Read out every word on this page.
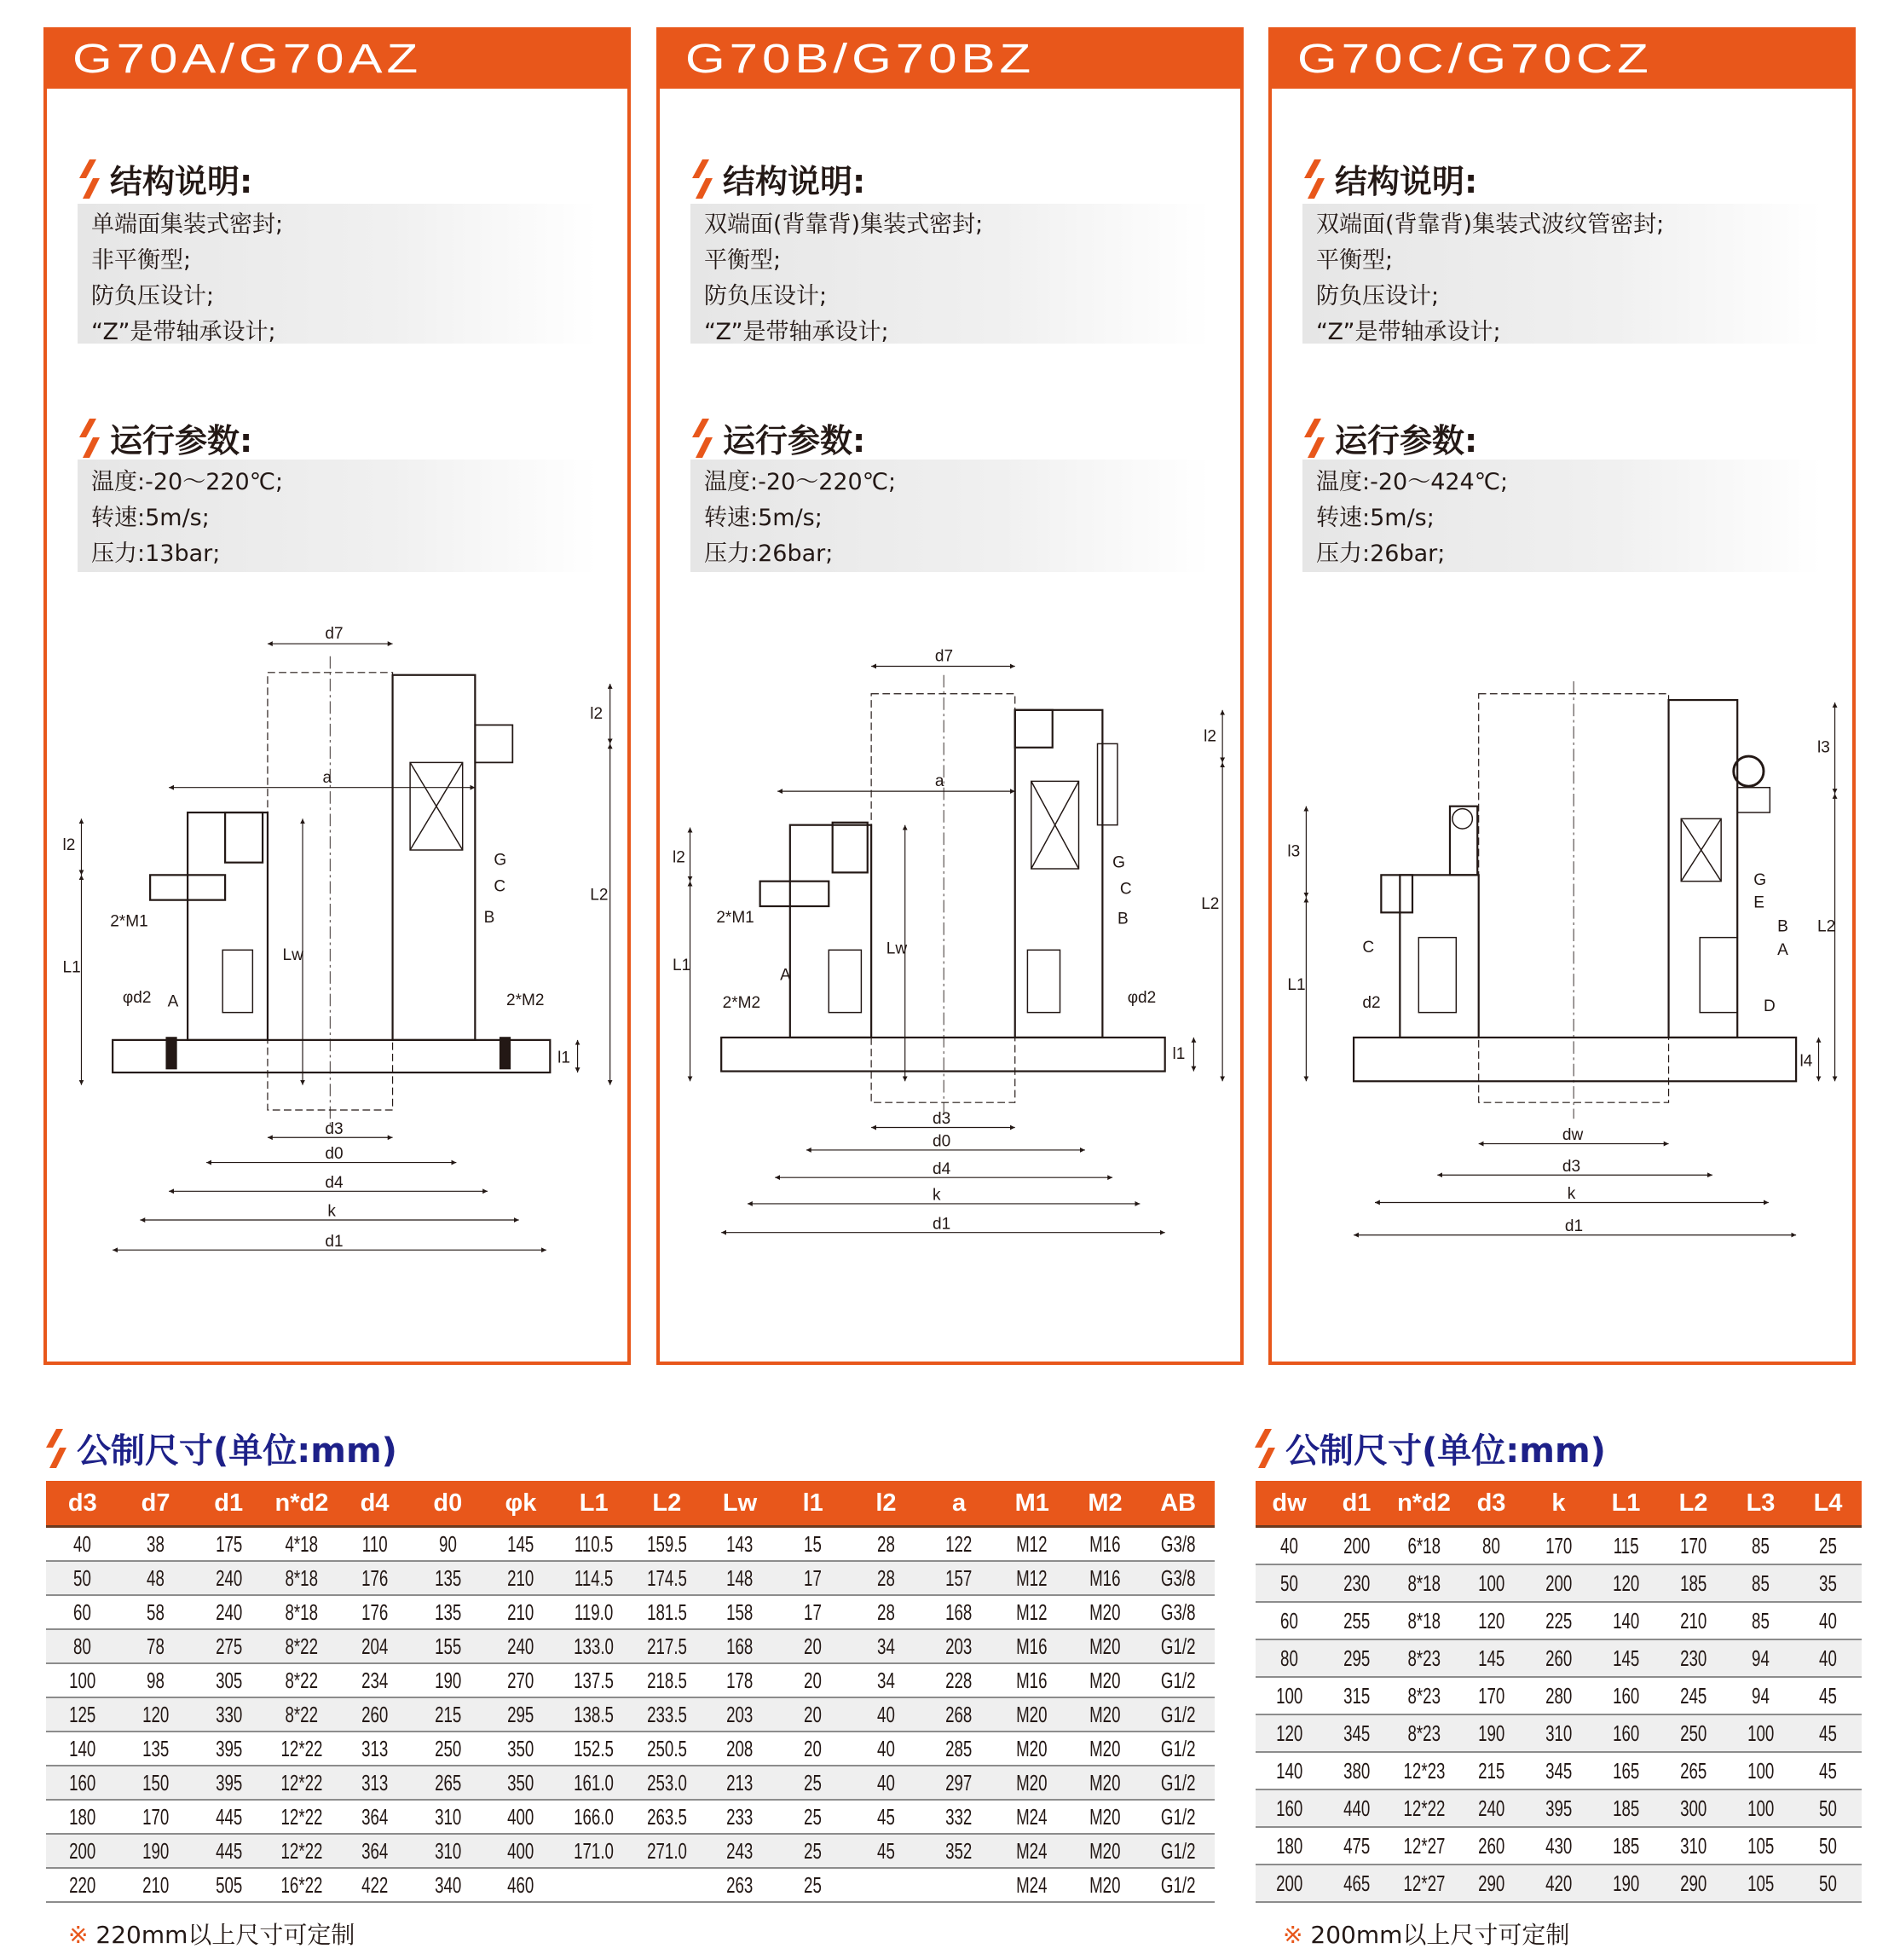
G70A/G70AZ
单端面集装式密封;
非平衡型;
防负压设计;
“Z”是带轴承设计;
结构说明:
温度:-20～220℃;
转速:5m/s;
压力:13bar;
运行参数:
G70B/G70BZ
双端面(背靠背)集装式密封;
平衡型;
防负压设计;
“Z”是带轴承设计;
结构说明:
温度:-20～220℃;
转速:5m/s;
压力:26bar;
运行参数:
G70C/G70CZ
双端面(背靠背)集装式波纹管密封;
平衡型;
防负压设计;
“Z”是带轴承设计;
结构说明:
温度:-20～424℃;
转速:5m/s;
压力:26bar;
运行参数:
d7
a
d3
d0
d4
k
d1
l2
L1
l2
L2
l1
Lw
G
C
B
2*M1
φd2 A	2*M2
d7
a
d3
d0
d4
k
d1
l2
L1
l2
L2
l1
Lw
G
C
B
2*M1
2*M2
A
φd2
dw
d3
k
d1
l3
L1
l3
L2
l4
G
E
B
A
C
d2	D
公制尺寸(单位:mm)
d3	d7	d1	n*d2	d4	d0	φk	L1	L2	Lw	l1	l2	a	M1	M2	AB
40	38	175	4*18	110	90	145	110.5	159.5	143	15	28	122	M12	M16	G3/8
50	48	240	8*18	176	135	210	114.5	174.5	148	17	28	157	M12	M16	G3/8
60	58	240	8*18	176	135	210	119.0	181.5	158	17	28	168	M12	M20	G3/8
80	78	275	8*22	204	155	240	133.0	217.5	168	20	34	203	M16	M20	G1/2
100	98	305	8*22	234	190	270	137.5	218.5	178	20	34	228	M16	M20	G1/2
125	120	330	8*22	260	215	295	138.5	233.5	203	20	40	268	M20	M20	G1/2
140	135	395	12*22	313	250	350	152.5	250.5	208	20	40	285	M20	M20	G1/2
160	150	395	12*22	313	265	350	161.0	253.0	213	25	40	297	M20	M20	G1/2
180	170	445	12*22	364	310	400	166.0	263.5	233	25	45	332	M24	M20	G1/2
200	190	445	12*22	364	310	400	171.0	271.0	243	25	45	352	M24	M20	G1/2
220	210	505	16*22	422	340	460			263	25			M24	M20	G1/2
※ 220mm以上尺寸可定制
公制尺寸(单位:mm)
dw	d1	n*d2	d3	k	L1	L2	L3	L4
40	200	6*18	80	170	115	170	85	25
50	230	8*18	100	200	120	185	85	35
60	255	8*18	120	225	140	210	85	40
80	295	8*23	145	260	145	230	94	40
100	315	8*23	170	280	160	245	94	45
120	345	8*23	190	310	160	250	100	45
140	380	12*23	215	345	165	265	100	45
160	440	12*22	240	395	185	300	100	50
180	475	12*27	260	430	185	310	105	50
200	465	12*27	290	420	190	290	105	50
※ 200mm以上尺寸可定制
